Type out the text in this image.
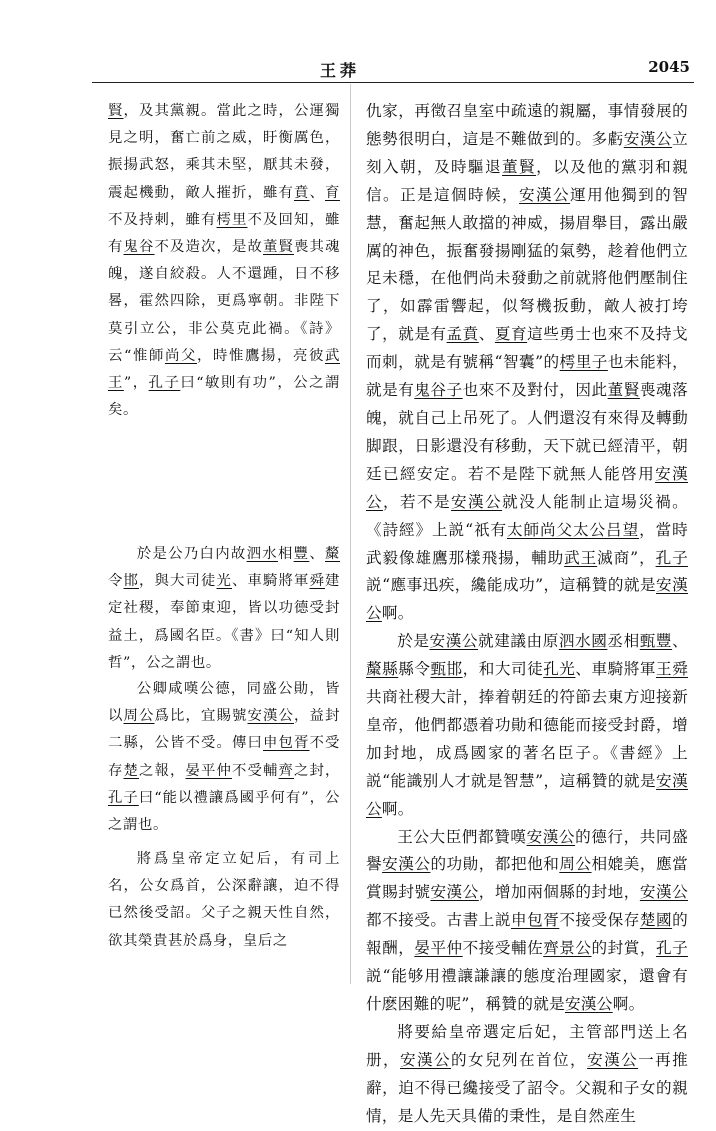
王莽	2045

賢，及其黨親。當此之時，公運獨見之明，奮亡前之威，盱衡厲色，振揚武怒，乘其未堅，厭其未發，震起機動，敵人摧折，雖有賁、育不及持刺，雖有樗里不及回知，雖有鬼谷不及造次，是故董賢喪其魂魄，遂自絞殺。人不還踵，日不移晷，霍然四除，更爲寧朝。非陛下莫引立公，非公莫克此禍。《詩》云“惟師尚父，時惟鷹揚，亮彼武王”，孔子曰“敏則有功”，公之謂矣。

於是公乃白内故泗水相豐、斄令邯，與大司徒光、車騎將軍舜建定社稷，奉節東迎，皆以功德受封益土，爲國名臣。《書》曰“知人則哲”，公之謂也。

公卿咸嘆公德，同盛公勛，皆以周公爲比，宜賜號安漢公，益封二縣，公皆不受。傳曰申包胥不受存楚之報，晏平仲不受輔齊之封，孔子曰“能以禮讓爲國乎何有”，公之謂也。

將爲皇帝定立妃后，有司上名，公女爲首，公深辭讓，迫不得已然後受詔。父子之親天性自然，欲其榮貴甚於爲身，皇后之

仇家，再徵召皇室中疏遠的親屬，事情發展的態勢很明白，這是不難做到的。多虧安漢公立刻入朝，及時驅退董賢，以及他的黨羽和親信。正是這個時候，安漢公運用他獨到的智慧，奮起無人敢擋的神威，揚眉舉目，露出嚴厲的神色，振奮發揚剛猛的氣勢，趁着他們立足未穩，在他們尚未發動之前就將他們壓制住了，如霹雷響起，似弩機扳動，敵人被打垮了，就是有孟賁、夏育這些勇士也來不及持戈而刺，就是有號稱“智囊”的樗里子也未能料，就是有鬼谷子也來不及對付，因此董賢喪魂落魄，就自己上吊死了。人們還沒有來得及轉動脚跟，日影還没有移動，天下就已經清平，朝廷已經安定。若不是陛下就無人能啓用安漢公，若不是安漢公就没人能制止這場災禍。《詩經》上説“祇有太師尚父太公吕望，當時武毅像雄鷹那樣飛揚，輔助武王滅商”，孔子説“應事迅疾，纔能成功”，這稱贊的就是安漢公啊。

於是安漢公就建議由原泗水國丞相甄豐、斄縣縣令甄邯，和大司徒孔光、車騎將軍王舜共商社稷大計，捧着朝廷的符節去東方迎接新皇帝，他們都憑着功勛和德能而接受封爵，增加封地，成爲國家的著名臣子。《書經》上説“能識别人才就是智慧”，這稱贊的就是安漢公啊。

王公大臣們都贊嘆安漢公的德行，共同盛譽安漢公的功勛，都把他和周公相媲美，應當賞賜封號安漢公，增加兩個縣的封地，安漢公都不接受。古書上説申包胥不接受保存楚國的報酬，晏平仲不接受輔佐齊景公的封賞，孔子説“能够用禮讓謙讓的態度治理國家，還會有什麽困難的呢”，稱贊的就是安漢公啊。

將要給皇帝選定后妃，主管部門送上名册，安漢公的女兒列在首位，安漢公一再推辭，迫不得已纔接受了詔令。父親和子女的親情，是人先天具備的秉性，是自然産生
